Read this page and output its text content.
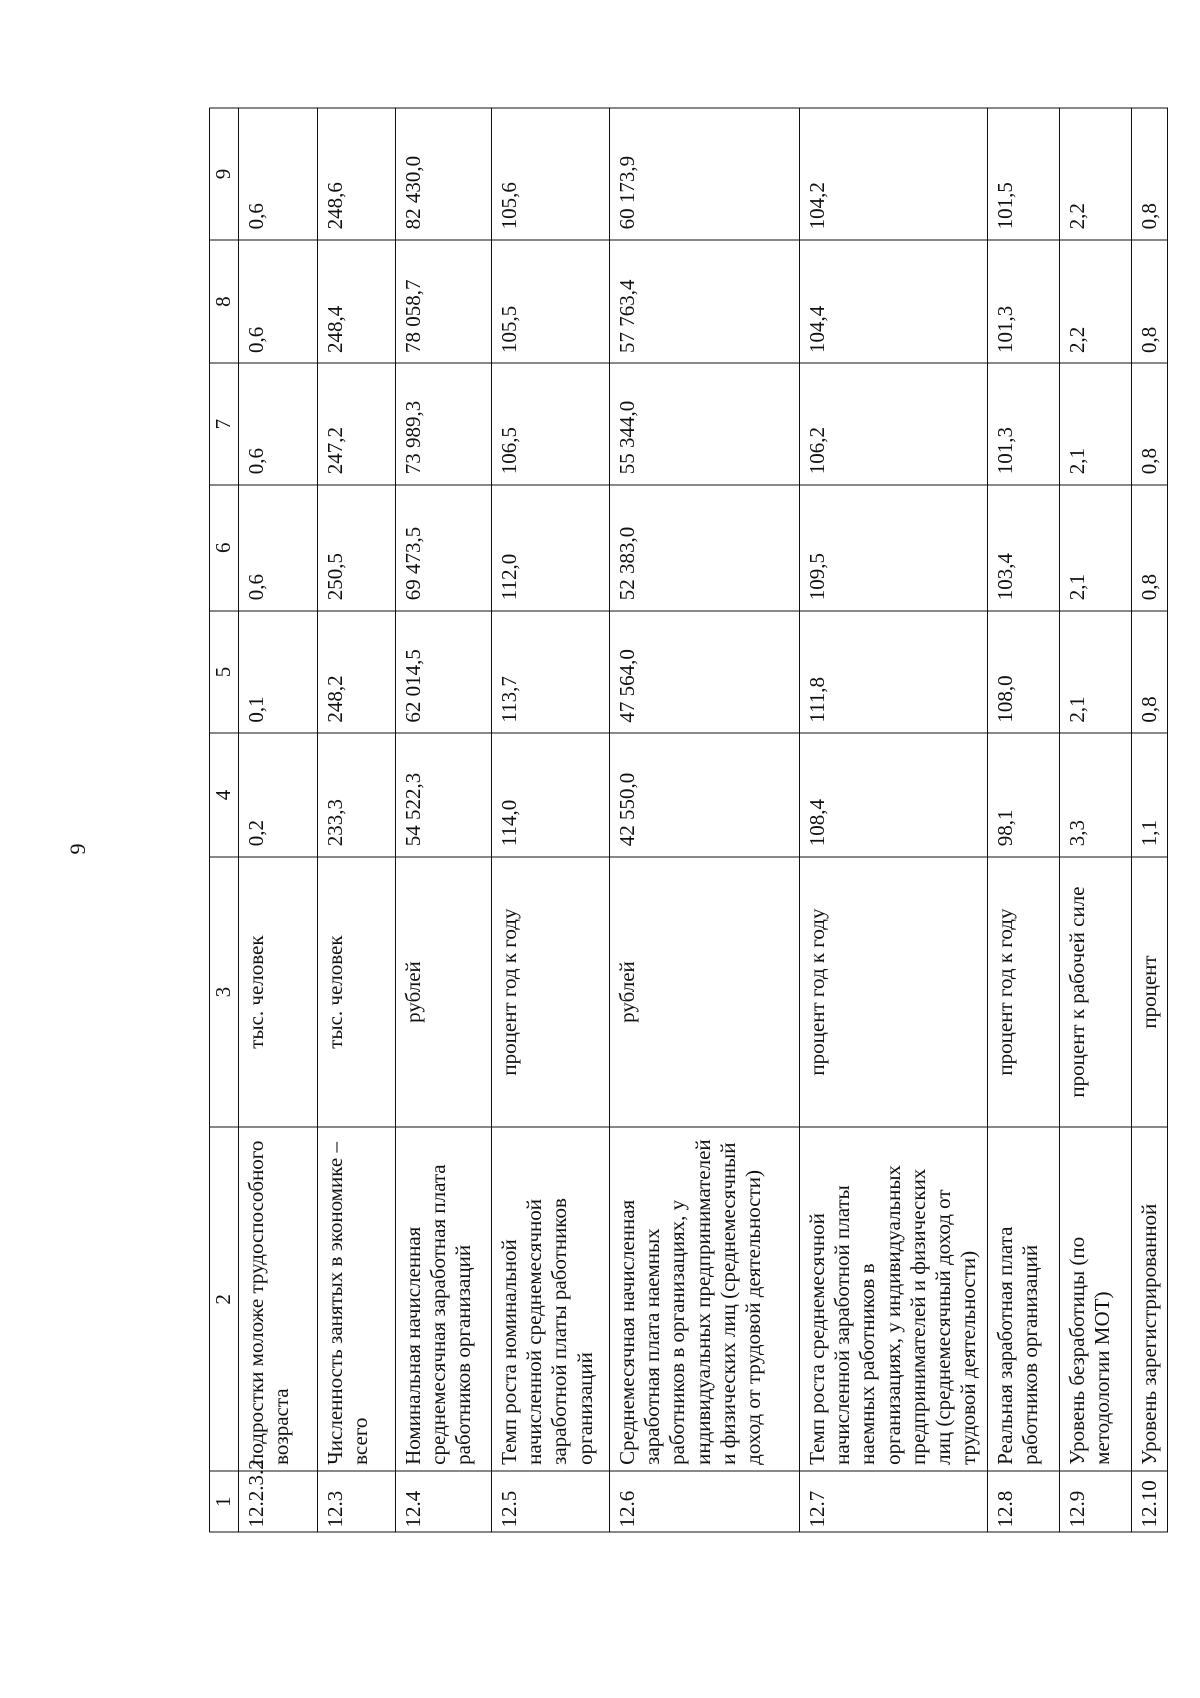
9
1	2	3	4	5	6	7	8	9
12.2.3.2	подростки моложе трудоспособного возраста	тыс. человек	0,2	0,1	0,6	0,6	0,6	0,6
12.3	Численность занятых в экономике – всего	тыс. человек	233,3	248,2	250,5	247,2	248,4	248,6
12.4	Номинальная начисленная среднемесячная заработная плата работников организаций	рублей	54 522,3	62 014,5	69 473,5	73 989,3	78 058,7	82 430,0
12.5	Темп роста номинальной начисленной среднемесячной заработной платы работников организаций	процент год к году	114,0	113,7	112,0	106,5	105,5	105,6
12.6	Среднемесячная начисленная заработная плата наемных работников в организациях, у индивидуальных предпринимателей и физических лиц (среднемесячный доход от трудовой деятельности)	рублей	42 550,0	47 564,0	52 383,0	55 344,0	57 763,4	60 173,9
12.7	Темп роста среднемесячной начисленной заработной платы наемных работников в организациях, у индивидуальных предпринимателей и физических лиц (среднемесячный доход от трудовой деятельности)	процент год к году	108,4	111,8	109,5	106,2	104,4	104,2
12.8	Реальная заработная плата работников организаций	процент год к году	98,1	108,0	103,4	101,3	101,3	101,5
12.9	Уровень безработицы (по методологии МОТ)	процент к рабочей силе	3,3	2,1	2,1	2,1	2,2	2,2
12.10	Уровень зарегистрированной	процент	1,1	0,8	0,8	0,8	0,8	0,8
